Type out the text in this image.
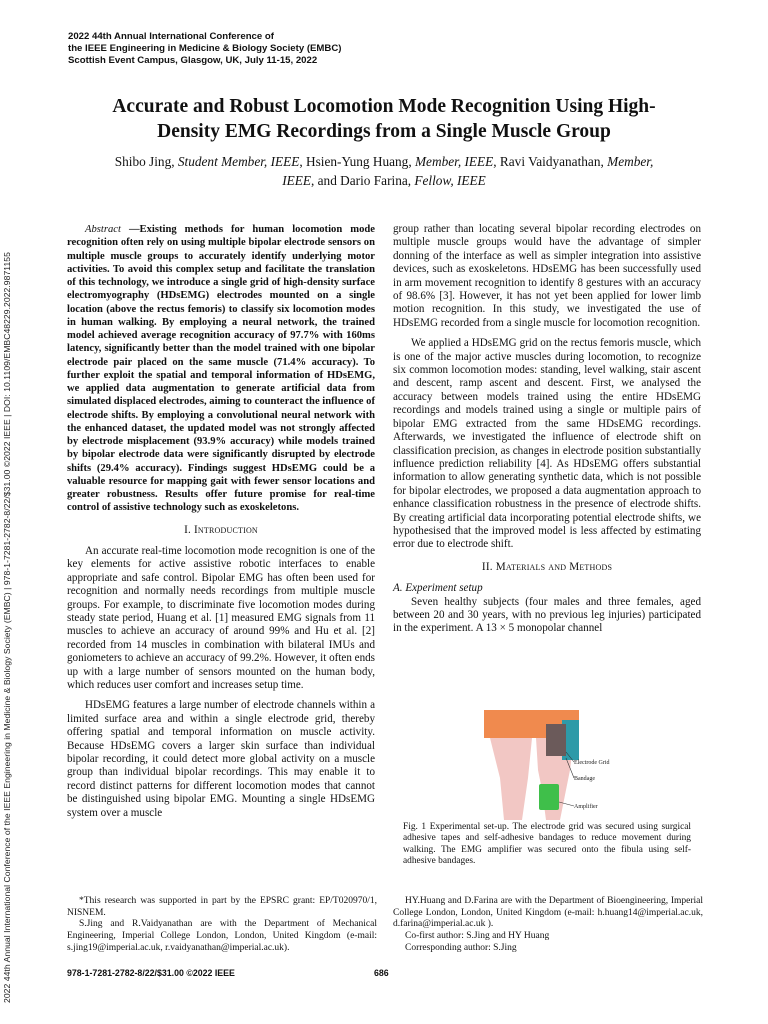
2022 44th Annual International Conference of
the IEEE Engineering in Medicine & Biology Society (EMBC)
Scottish Event Campus, Glasgow, UK, July 11-15, 2022
2022 44th Annual International Conference of the IEEE Engineering in Medicine & Biology Society (EMBC) | 978-1-7281-2782-8/22/$31.00 ©2022 IEEE | DOI: 10.1109/EMBC48229.2022.9871155
Accurate and Robust Locomotion Mode Recognition Using High-
Density EMG Recordings from a Single Muscle Group
Shibo Jing, Student Member, IEEE, Hsien-Yung Huang, Member, IEEE, Ravi Vaidyanathan, Member,
IEEE, and Dario Farina, Fellow, IEEE

Abstract —Existing methods for human locomotion mode recognition often rely on using multiple bipolar electrode sensors on multiple muscle groups to accurately identify underlying motor activities. To avoid this complex setup and facilitate the translation of this technology, we introduce a single grid of high-density surface electromyography (HDsEMG) electrodes mounted on a single location (above the rectus femoris) to classify six locomotion modes in human walking. By employing a neural network, the trained model achieved average recognition accuracy of 97.7% with 160ms latency, significantly better than the model trained with one bipolar electrode pair placed on the same muscle (71.4% accuracy). To further exploit the spatial and temporal information of HDsEMG, we applied data augmentation to generate artificial data from simulated displaced electrodes, aiming to counteract the influence of electrode shifts. By employing a convolutional neural network with the enhanced dataset, the updated model was not strongly affected by electrode misplacement (93.9% accuracy) while models trained by bipolar electrode data were significantly disrupted by electrode shifts (29.4% accuracy). Findings suggest HDsEMG could be a valuable resource for mapping gait with fewer sensor locations and greater robustness. Results offer future promise for real-time control of assistive technology such as exoskeletons.

I. Introduction

An accurate real-time locomotion mode recognition is one of the key elements for active assistive robotic interfaces to enable appropriate and safe control. Bipolar EMG has often been used for recognition and normally needs recordings from multiple muscle groups. For example, to discriminate five locomotion modes during steady state period, Huang et al. [1] measured EMG signals from 11 muscles to achieve an accuracy of around 99% and Hu et al. [2] recorded from 14 muscles in combination with bilateral IMUs and goniometers to achieve an accuracy of 99.2%. However, it often ends up with a large number of sensors mounted on the human body, which reduces user comfort and increases setup time.

HDsEMG features a large number of electrode channels within a limited surface area and within a single electrode grid, thereby offering spatial and temporal information on muscle activity. Because HDsEMG covers a larger skin surface than individual bipolar recording, it could detect more global activity on a muscle group than individual bipolar recordings. This may enable it to record distinct patterns for different locomotion modes that cannot be distinguished using bipolar EMG. Mounting a single HDsEMG system over a muscle

group rather than locating several bipolar recording electrodes on multiple muscle groups would have the advantage of simpler donning of the interface as well as simpler integration into assistive devices, such as exoskeletons. HDsEMG has been successfully used in arm movement recognition to identify 8 gestures with an accuracy of 98.6% [3]. However, it has not yet been applied for lower limb motion recognition. In this study, we investigated the use of HDsEMG recorded from a single muscle for locomotion recognition.

We applied a HDsEMG grid on the rectus femoris muscle, which is one of the major active muscles during locomotion, to recognize six common locomotion modes: standing, level walking, stair ascent and descent, ramp ascent and descent. First, we analysed the accuracy between models trained using the entire HDsEMG recordings and models trained using a single or multiple pairs of bipolar EMG extracted from the same HDsEMG recordings. Afterwards, we investigated the influence of electrode shift on classification precision, as changes in electrode position substantially influence prediction reliability [4]. As HDsEMG offers substantial information to allow generating synthetic data, which is not possible for bipolar electrodes, we proposed a data augmentation approach to enhance classification robustness in the presence of electrode shifts. By creating artificial data incorporating potential electrode shifts, we hypothesised that the improved model is less affected by estimating error due to electrode shift.

II. Materials and Methods

A. Experiment setup

Seven healthy subjects (four males and three females, aged between 20 and 30 years, with no previous leg injuries) participated in the experiment. A 13 × 5 monopolar channel

Electrode Grid
Bandage
Amplifier
Fig. 1 Experimental set-up. The electrode grid was secured using surgical adhesive tapes and self-adhesive bandages to reduce movement during walking. The EMG amplifier was secured onto the fibula using self-adhesive bandages.

*This research was supported in part by the EPSRC grant: EP/T020970/1, NISNEM.

S.Jing and R.Vaidyanathan are with the Department of Mechanical Engineering, Imperial College London, London, United Kingdom (e-mail: s.jing19@imperial.ac.uk, r.vaidyanathan@imperial.ac.uk).

HY.Huang and D.Farina are with the Department of Bioengineering, Imperial College London, London, United Kingdom (e-mail: h.huang14@imperial.ac.uk, d.farina@imperial.ac.uk ).

Co-first author: S.Jing and HY Huang

Corresponding author: S.Jing

978-1-7281-2782-8/22/$31.00 ©2022 IEEE	686
